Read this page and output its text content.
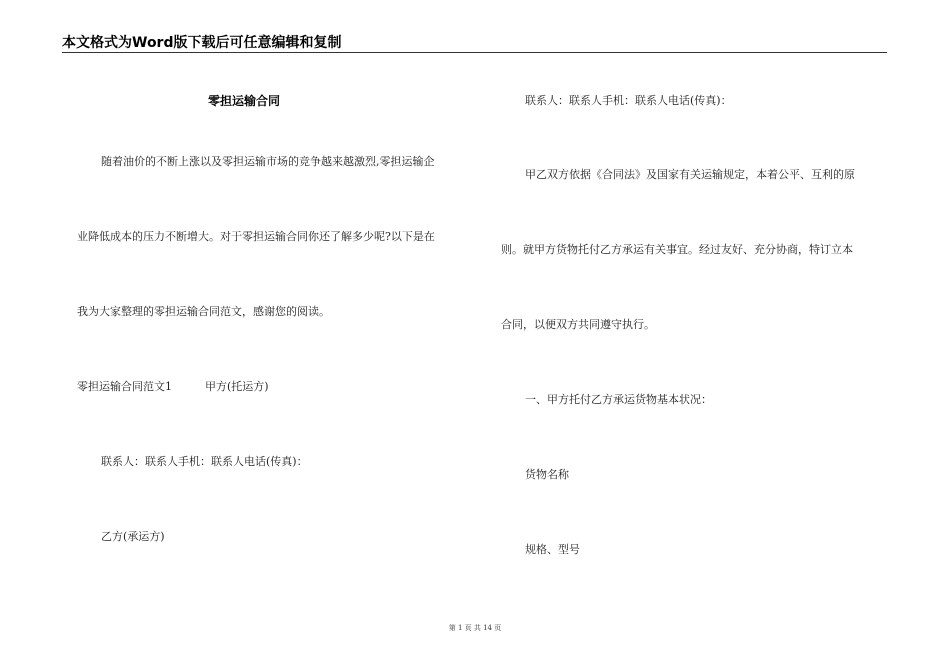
本文格式为Word版下载后可任意编辑和复制
零担运输合同
随着油价的不断上涨以及零担运输市场的竞争越来越激烈,零担运输企
业降低成本的压力不断增大。对于零担运输合同你还了解多少呢?以下是在
我为大家整理的零担运输合同范文，感谢您的阅读。
零担运输合同范文1	甲方(托运方)
联系人：联系人手机：联系人电话(传真)：
乙方(承运方)
联系人：联系人手机：联系人电话(传真)：
甲乙双方依据《合同法》及国家有关运输规定，本着公平、互利的原
则。就甲方货物托付乙方承运有关事宜。经过友好、充分协商，特订立本
合同，以便双方共同遵守执行。
一、甲方托付乙方承运货物基本状况：
货物名称
规格、型号
第 1 页 共 14 页
